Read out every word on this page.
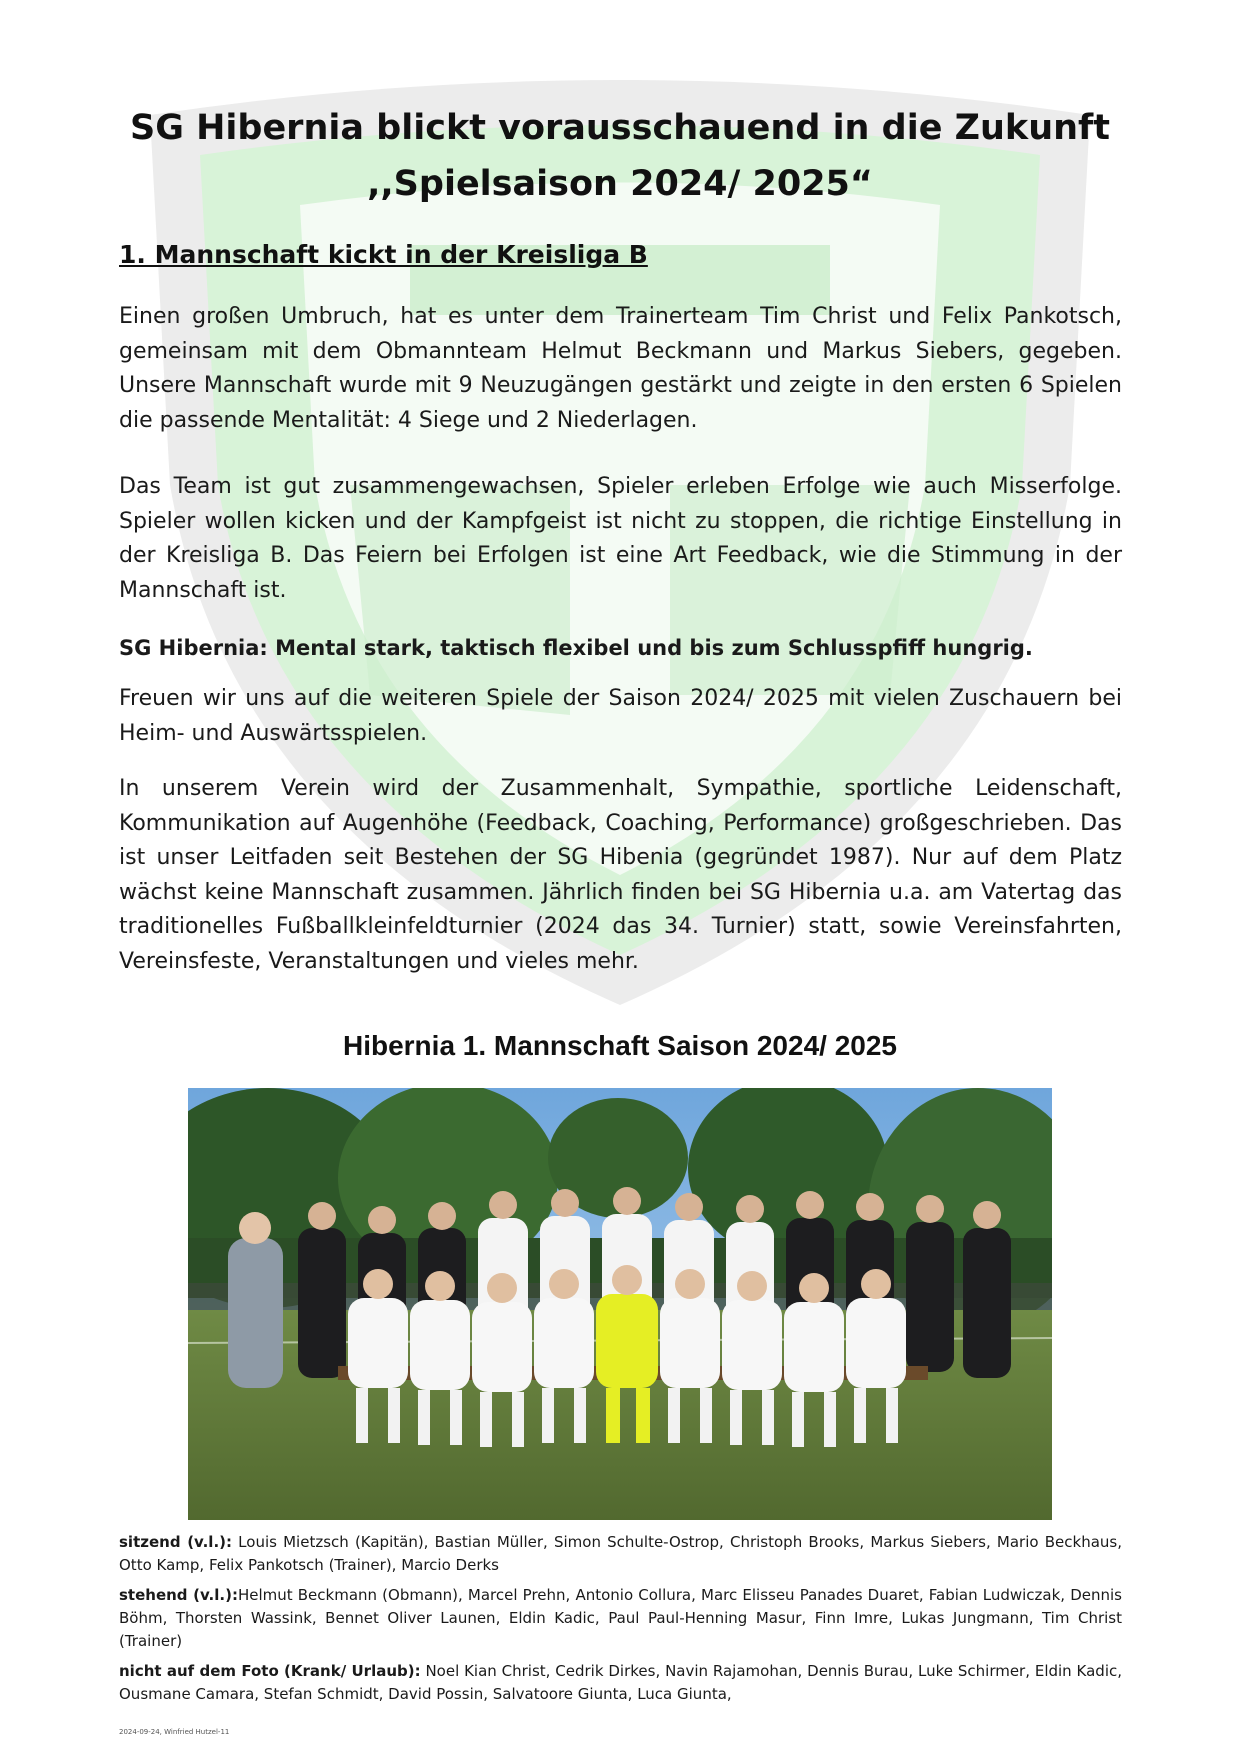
SG Hibernia blickt vorausschauend in die Zukunft
,,Spielsaison 2024/ 2025“
1. Mannschaft kickt in der Kreisliga B

Einen großen Umbruch, hat es unter dem Trainerteam Tim Christ und Felix Pankotsch, gemeinsam mit dem Obmannteam Helmut Beckmann und Markus Siebers, gegeben. Unsere Mannschaft wurde mit 9 Neuzugängen gestärkt und zeigte in den ersten 6 Spielen die passende Mentalität: 4 Siege und 2 Niederlagen.

Das Team ist gut zusammengewachsen, Spieler erleben Erfolge wie auch Misserfolge. Spieler wollen kicken und der Kampfgeist ist nicht zu stoppen, die richtige Einstellung in der Kreisliga B. Das Feiern bei Erfolgen ist eine Art Feedback, wie die Stimmung in der Mannschaft ist.

SG Hibernia: Mental stark, taktisch flexibel und bis zum Schlusspfiff hungrig.

Freuen wir uns auf die weiteren Spiele der Saison 2024/ 2025 mit vielen Zuschauern bei Heim- und Auswärtsspielen.

In unserem Verein wird der Zusammenhalt, Sympathie, sportliche Leidenschaft, Kommunikation auf Augenhöhe (Feedback, Coaching, Performance) großgeschrieben. Das ist unser Leitfaden seit Bestehen der SG Hibenia (gegründet 1987). Nur auf dem Platz wächst keine Mannschaft zusammen. Jährlich finden bei SG Hibernia u.a. am Vatertag das traditionelles Fußballkleinfeldturnier (2024 das 34. Turnier) statt, sowie Vereinsfahrten, Vereinsfeste, Veranstaltungen und vieles mehr.

Hibernia 1. Mannschaft Saison 2024/ 2025

sitzend (v.l.): Louis Mietzsch (Kapitän), Bastian Müller, Simon Schulte-Ostrop, Christoph Brooks, Markus Siebers, Mario Beckhaus, Otto Kamp, Felix Pankotsch (Trainer), Marcio Derks

stehend (v.l.):Helmut Beckmann (Obmann), Marcel Prehn, Antonio Collura, Marc Elisseu Panades Duaret, Fabian Ludwiczak, Dennis Böhm, Thorsten Wassink, Bennet Oliver Launen, Eldin Kadic, Paul Paul-Henning Masur, Finn Imre, Lukas Jungmann, Tim Christ (Trainer)

nicht auf dem Foto (Krank/ Urlaub): Noel Kian Christ, Cedrik Dirkes, Navin Rajamohan, Dennis Burau, Luke Schirmer, Eldin Kadic, Ousmane Camara, Stefan Schmidt, David Possin, Salvatoore Giunta, Luca Giunta,

2024-09-24, Winfried Hutzel-11
